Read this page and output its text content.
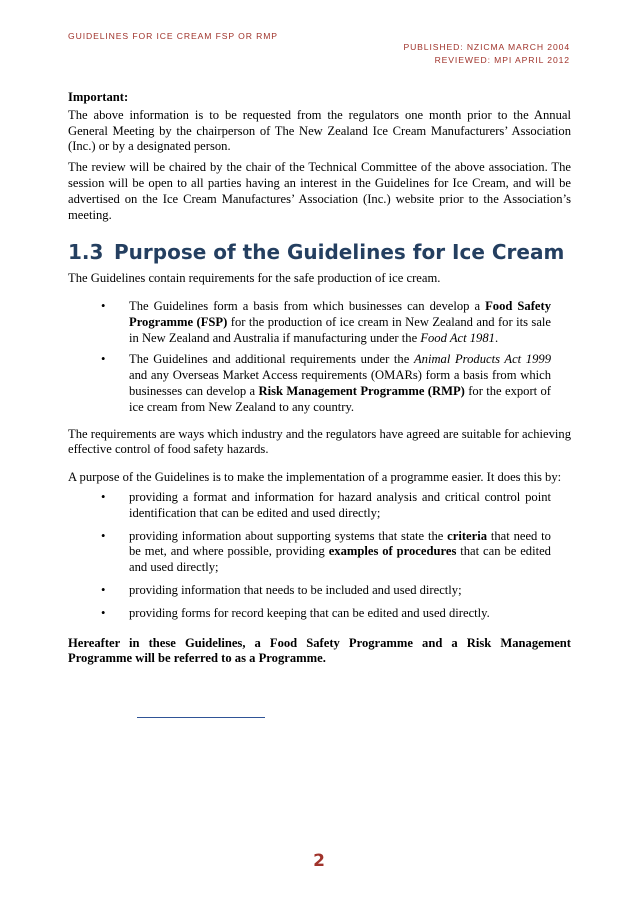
GUIDELINES FOR ICE CREAM FSP OR RMP
PUBLISHED: NZICMA MARCH 2004
REVIEWED: MPI APRIL 2012

Important:

The above information is to be requested from the regulators one month prior to the Annual General Meeting by the chairperson of The New Zealand Ice Cream Manufacturers’ Association (Inc.) or by a designated person.

The review will be chaired by the chair of the Technical Committee of the above association. The session will be open to all parties having an interest in the Guidelines for Ice Cream, and will be advertised on the Ice Cream Manufactures’ Association (Inc.) website prior to the Association’s meeting.

1.3 Purpose of the Guidelines for Ice Cream

The Guidelines contain requirements for the safe production of ice cream.

• The Guidelines form a basis from which businesses can develop a Food Safety Programme (FSP) for the production of ice cream in New Zealand and for its sale in New Zealand and Australia if manufacturing under the Food Act 1981.
• The Guidelines and additional requirements under the Animal Products Act 1999 and any Overseas Market Access requirements (OMARs) form a basis from which businesses can develop a Risk Management Programme (RMP) for the export of ice cream from New Zealand to any country.

The requirements are ways which industry and the regulators have agreed are suitable for achieving effective control of food safety hazards.

A purpose of the Guidelines is to make the implementation of a programme easier. It does this by:

• providing a format and information for hazard analysis and critical control point identification that can be edited and used directly;
• providing information about supporting systems that state the criteria that need to be met, and where possible, providing examples of procedures that can be edited and used directly;
• providing information that needs to be included and used directly;
• providing forms for record keeping that can be edited and used directly.

Hereafter in these Guidelines, a Food Safety Programme and a Risk Management Programme will be referred to as a Programme.

2
